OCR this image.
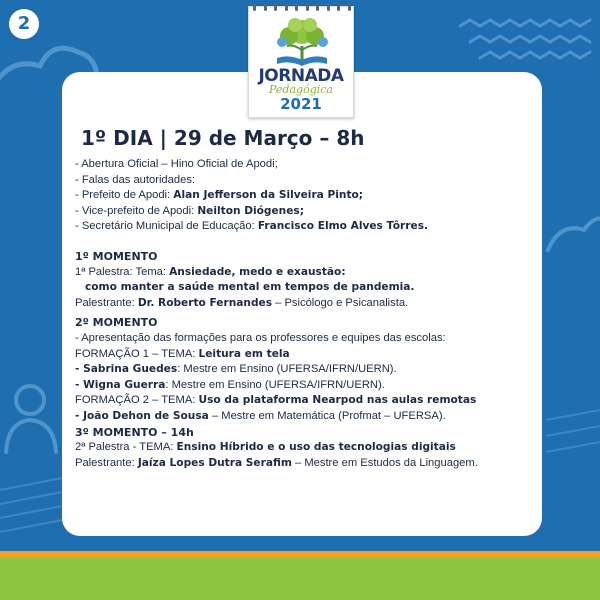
2
JORNADA
Pedagógica
2021
1º DIA | 29 de Março – 8h
- Abertura Oficial – Hino Oficial de Apodi;
- Falas das autoridades:
- Prefeito de Apodi: Alan Jefferson da Silveira Pinto;
- Vice-prefeito de Apodi: Neilton Diógenes;
- Secretário Municipal de Educação: Francisco Elmo Alves Tôrres.
1º MOMENTO
1ª Palestra: Tema: Ansiedade, medo e exaustão:
como manter a saúde mental em tempos de pandemia.
Palestrante: Dr. Roberto Fernandes – Psicólogo e Psicanalista.
2º MOMENTO
- Apresentação das formações para os professores e equipes das escolas:
FORMAÇÃO 1 – TEMA: Leitura em tela
- Sabrina Guedes: Mestre em Ensino (UFERSA/IFRN/UERN).
- Wigna Guerra: Mestre em Ensino (UFERSA/IFRN/UERN).
FORMAÇÃO 2 – TEMA: Uso da plataforma Nearpod nas aulas remotas
- João Dehon de Sousa – Mestre em Matemática (Profmat – UFERSA).
3º MOMENTO – 14h
2ª Palestra - TEMA: Ensino Híbrido e o uso das tecnologias digitais
Palestrante: Jaíza Lopes Dutra Serafim – Mestre em Estudos da Linguagem.
